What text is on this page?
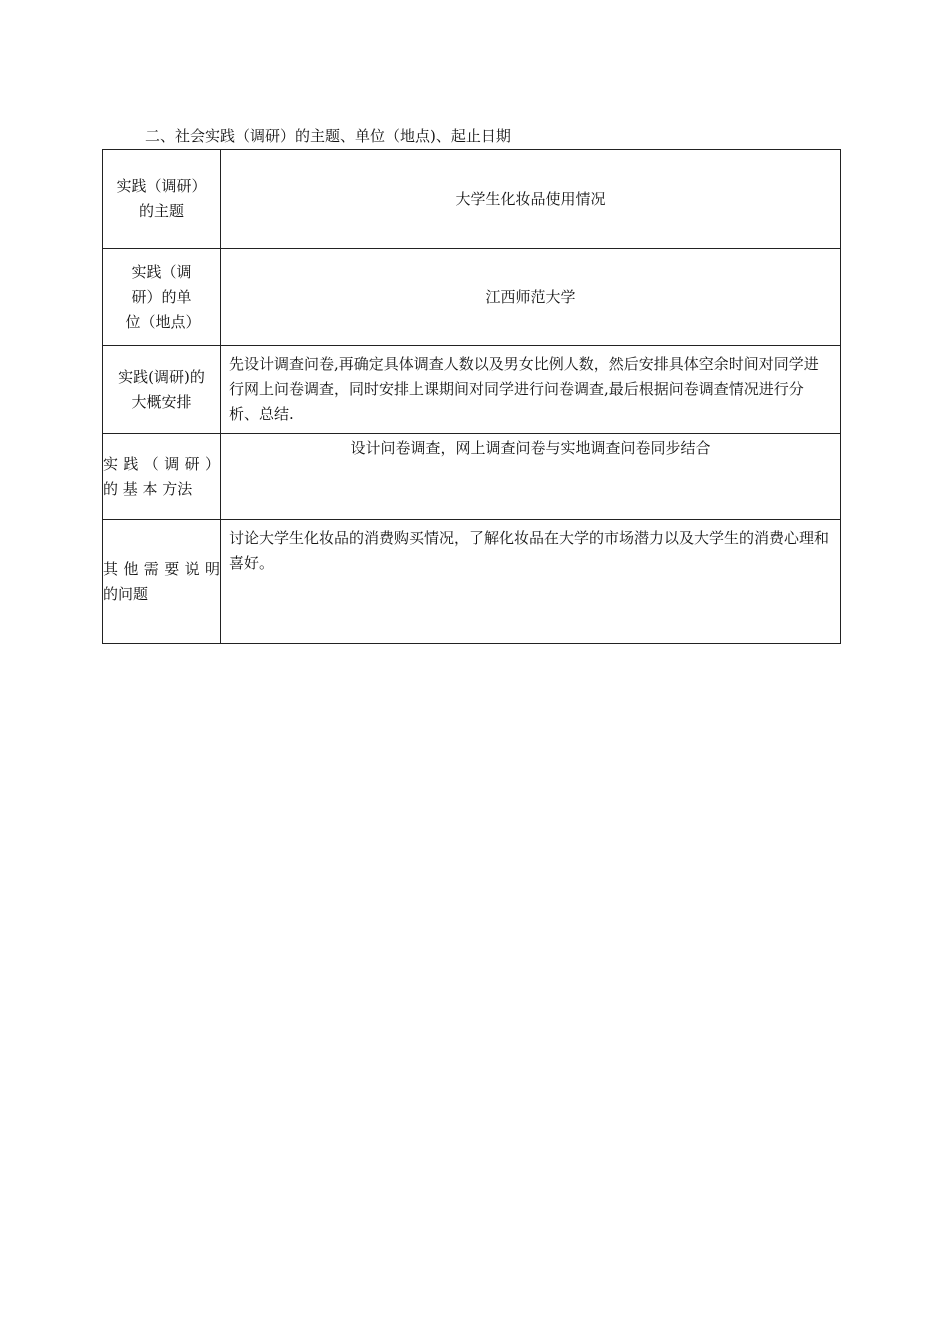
二、社会实践（调研）的主题、单位（地点)、起止日期
实践（调研）的主题	大学生化妆品使用情况
实践（调研）的单位（地点）	江西师范大学
实践(调研)的大概安排	先设计调查问卷,再确定具体调查人数以及男女比例人数，然后安排具体空余时间对同学进行网上问卷调查，同时安排上课期间对同学进行问卷调查,最后根据问卷调查情况进行分析、总结.
实 践 （ 调 研 ） 的 基 本 方法	设计问卷调查，网上调查问卷与实地调查问卷同步结合
其 他 需 要 说 明的问题	讨论大学生化妆品的消费购买情况，了解化妆品在大学的市场潜力以及大学生的消费心理和喜好。
